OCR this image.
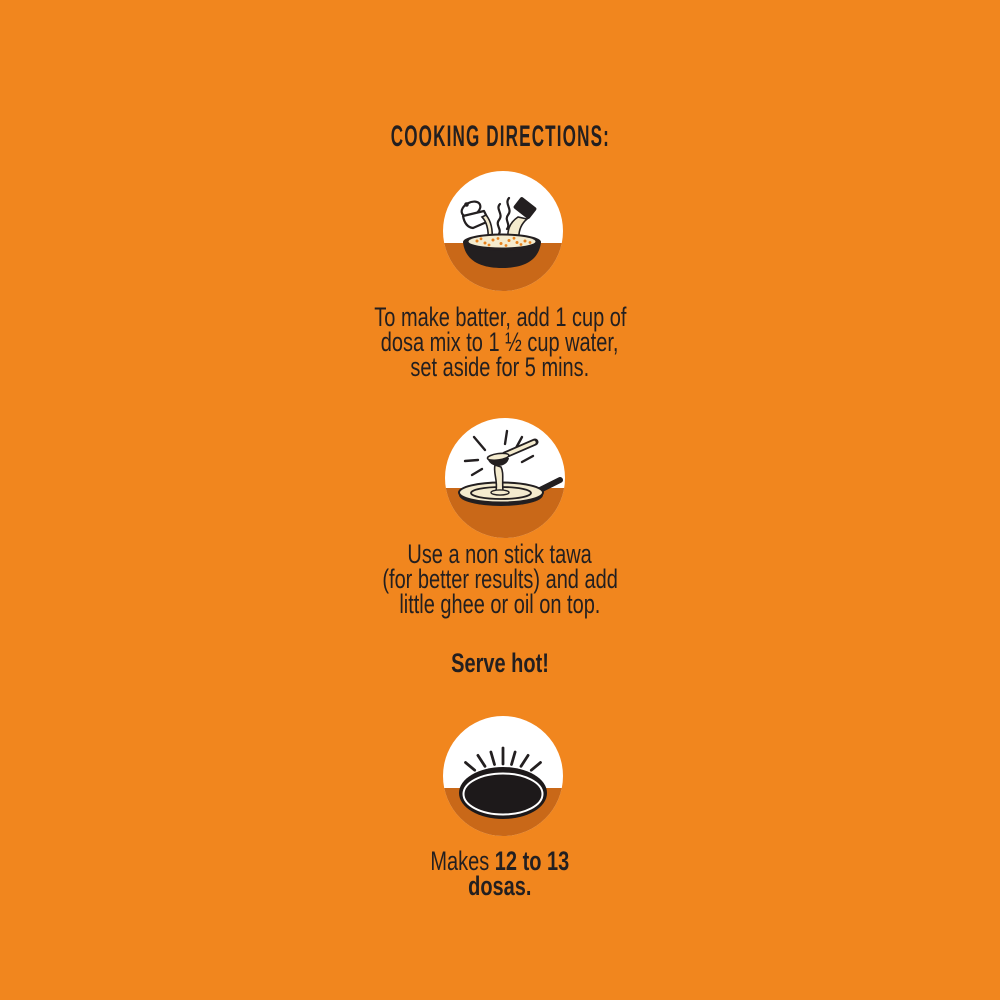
COOKING DIRECTIONS:
To make batter, add 1 cup of
dosa mix to 1 ½ cup water,
set aside for 5 mins.
Use a non stick tawa
(for better results) and add
little ghee or oil on top.
Serve hot!
Makes 12 to 13
dosas.
